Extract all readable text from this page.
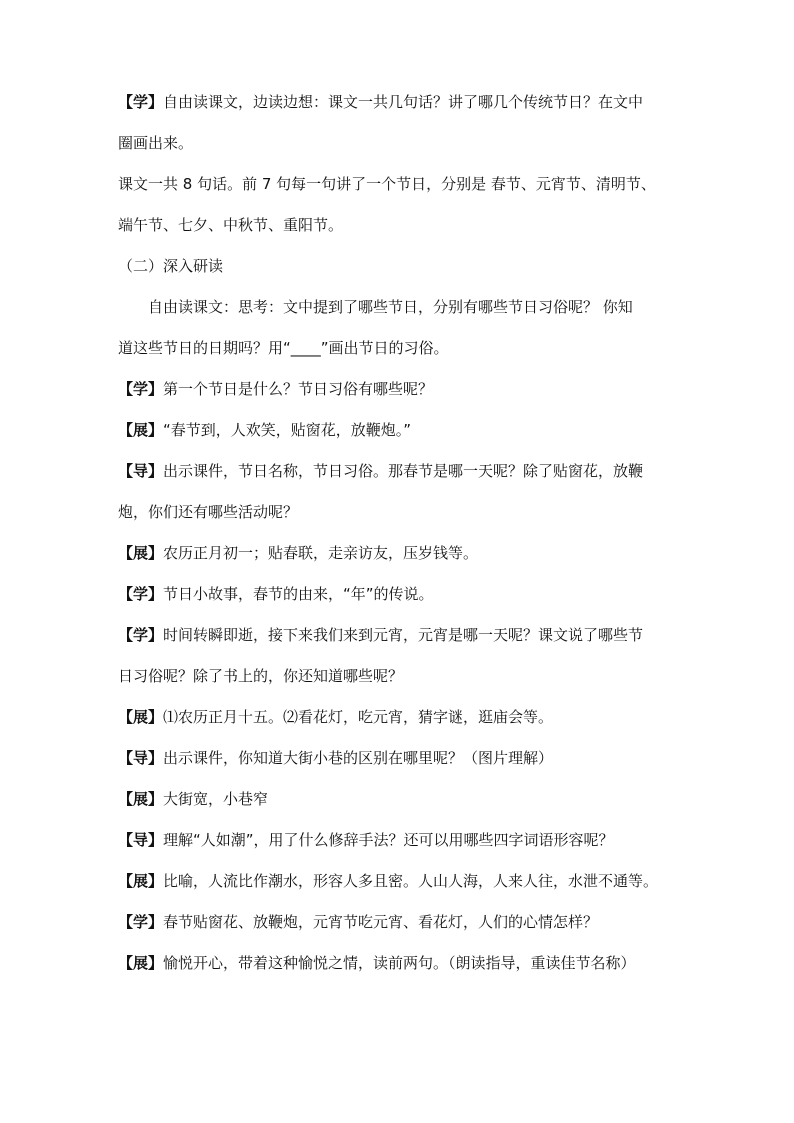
【学】自由读课文，边读边想：课文一共几句话？讲了哪几个传统节日？在文中
圈画出来。
课文一共 8 句话。前 7 句每一句讲了一个节日，分别是 春节、元宵节、清明节、
端午节、七夕、中秋节、重阳节。
（二）深入研读
自由读课文：思考：文中提到了哪些节日，分别有哪些节日习俗呢？ 你知
道这些节日的日期吗？用“____”画出节日的习俗。
【学】第一个节日是什么？节日习俗有哪些呢？
【展】“春节到，人欢笑，贴窗花，放鞭炮。”
【导】出示课件，节日名称，节日习俗。那春节是哪一天呢？除了贴窗花，放鞭
炮，你们还有哪些活动呢？
【展】农历正月初一；贴春联，走亲访友，压岁钱等。
【学】节日小故事，春节的由来，“年”的传说。
【学】时间转瞬即逝，接下来我们来到元宵，元宵是哪一天呢？课文说了哪些节
日习俗呢？除了书上的，你还知道哪些呢？
【展】⑴农历正月十五。⑵看花灯，吃元宵，猜字谜，逛庙会等。
【导】出示课件，你知道大街小巷的区别在哪里呢？（图片理解）
【展】大街宽，小巷窄
【导】理解“人如潮”，用了什么修辞手法？还可以用哪些四字词语形容呢？
【展】比喻，人流比作潮水，形容人多且密。人山人海，人来人往，水泄不通等。
【学】春节贴窗花、放鞭炮，元宵节吃元宵、看花灯，人们的心情怎样？
【展】愉悦开心，带着这种愉悦之情，读前两句。（朗读指导，重读佳节名称）
